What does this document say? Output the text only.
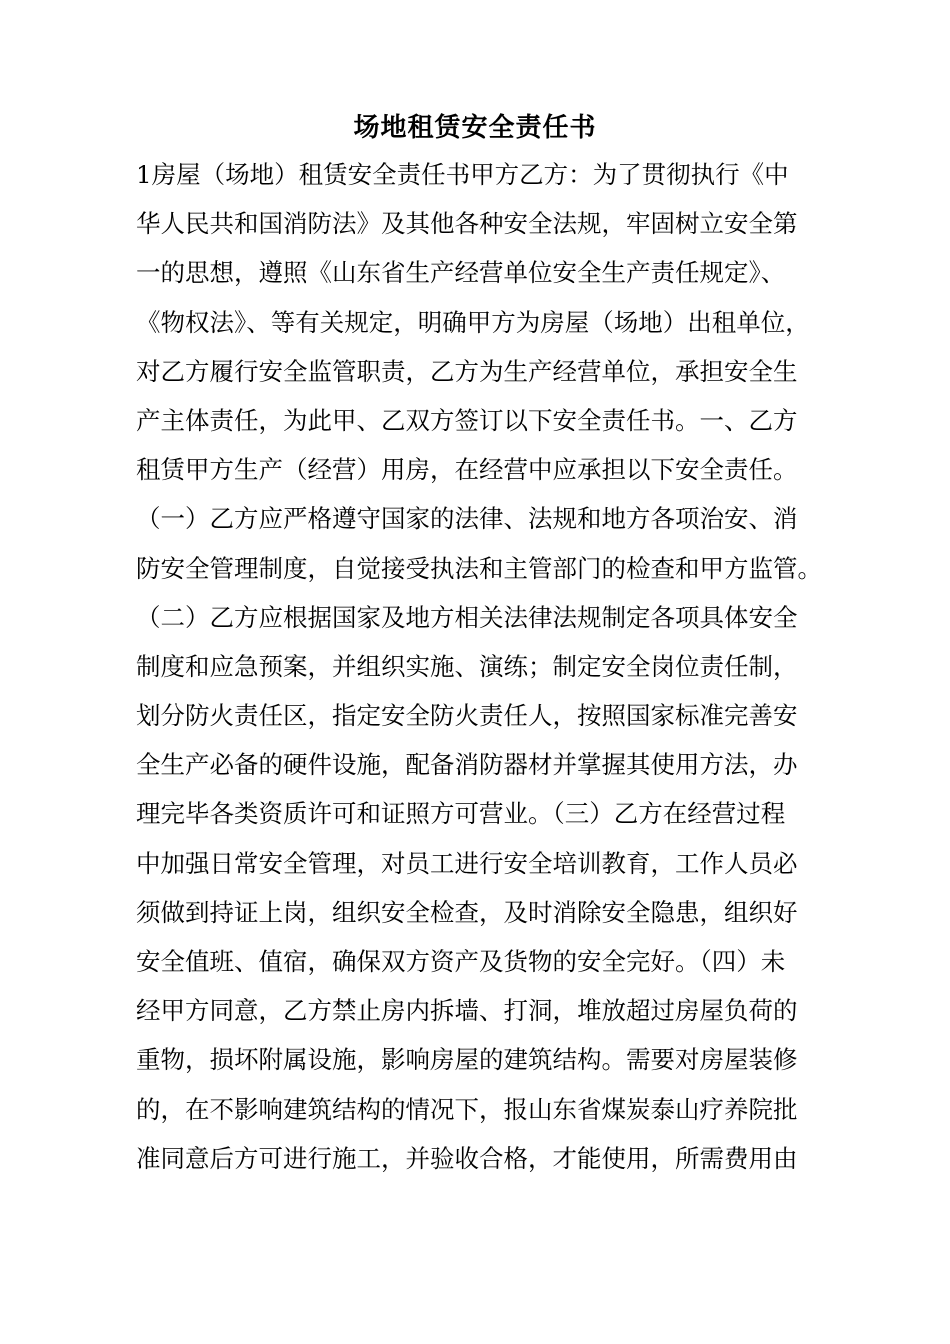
场地租赁安全责任书
1房屋（场地）租赁安全责任书甲方乙方：为了贯彻执行《中
华人民共和国消防法》及其他各种安全法规，牢固树立安全第
一的思想，遵照《山东省生产经营单位安全生产责任规定》、
《物权法》、等有关规定，明确甲方为房屋（场地）出租单位，
对乙方履行安全监管职责，乙方为生产经营单位，承担安全生
产主体责任，为此甲、乙双方签订以下安全责任书。一、乙方
租赁甲方生产（经营）用房，在经营中应承担以下安全责任。
（一）乙方应严格遵守国家的法律、法规和地方各项治安、消
防安全管理制度，自觉接受执法和主管部门的检查和甲方监管。
（二）乙方应根据国家及地方相关法律法规制定各项具体安全
制度和应急预案，并组织实施、演练；制定安全岗位责任制，
划分防火责任区，指定安全防火责任人，按照国家标准完善安
全生产必备的硬件设施，配备消防器材并掌握其使用方法，办
理完毕各类资质许可和证照方可营业。（三）乙方在经营过程
中加强日常安全管理，对员工进行安全培训教育，工作人员必
须做到持证上岗，组织安全检查，及时消除安全隐患，组织好
安全值班、值宿，确保双方资产及货物的安全完好。（四）未
经甲方同意，乙方禁止房内拆墙、打洞，堆放超过房屋负荷的
重物，损坏附属设施，影响房屋的建筑结构。需要对房屋装修
的，在不影响建筑结构的情况下，报山东省煤炭泰山疗养院批
准同意后方可进行施工，并验收合格，才能使用，所需费用由
